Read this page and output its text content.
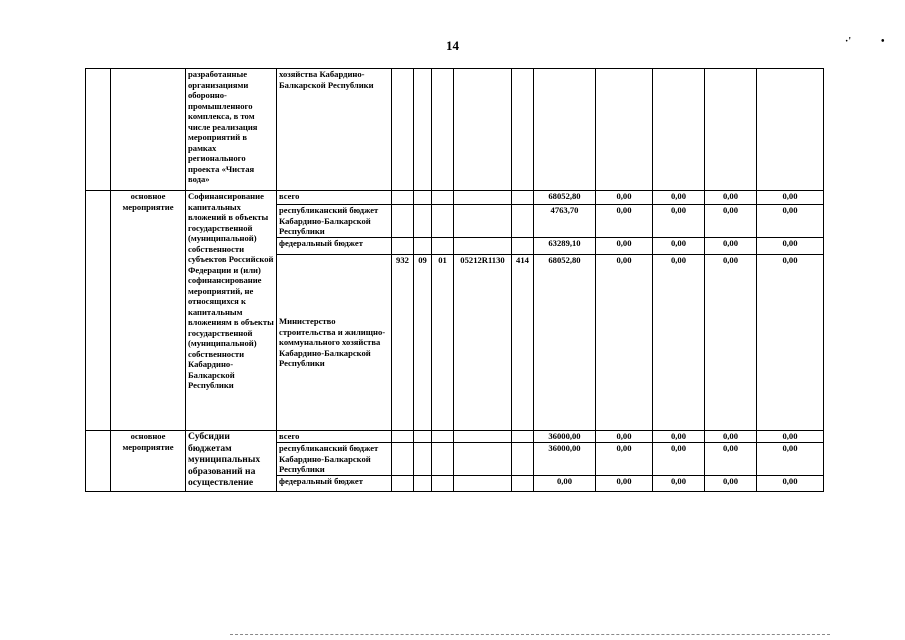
14	·'	•
		разработанные организациями оборонно-промышленного комплекса, в том числе реализация мероприятий в рамках регионального проекта «Чистая вода»	хозяйства Кабардино-Балкарской Республики										
	основное мероприятие	Софинансирование капитальных вложений в объекты государственной (муниципальной) собственности субъектов Российской Федерации и (или) софинансирование мероприятий, не относящихся к капитальным вложениям в объекты государственной (муниципальной) собственности Кабардино-Балкарской Республики	всего						68052,80	0,00	0,00	0,00	0,00
			республиканский бюджет Кабардино-Балкарской Республики						4763,70	0,00	0,00	0,00	0,00
			федеральный бюджет						63289,10	0,00	0,00	0,00	0,00
			Министерство строительства и жилищно-коммунального хозяйства Кабардино-Балкарской Республики	932	09	01	05212R1130	414	68052,80	0,00	0,00	0,00	0,00
	основное мероприятие	Субсидии бюджетам муниципальных образований на осуществление	всего						36000,00	0,00	0,00	0,00	0,00
			республиканский бюджет Кабардино-Балкарской Республики						36000,00	0,00	0,00	0,00	0,00
			федеральный бюджет						0,00	0,00	0,00	0,00	0,00
